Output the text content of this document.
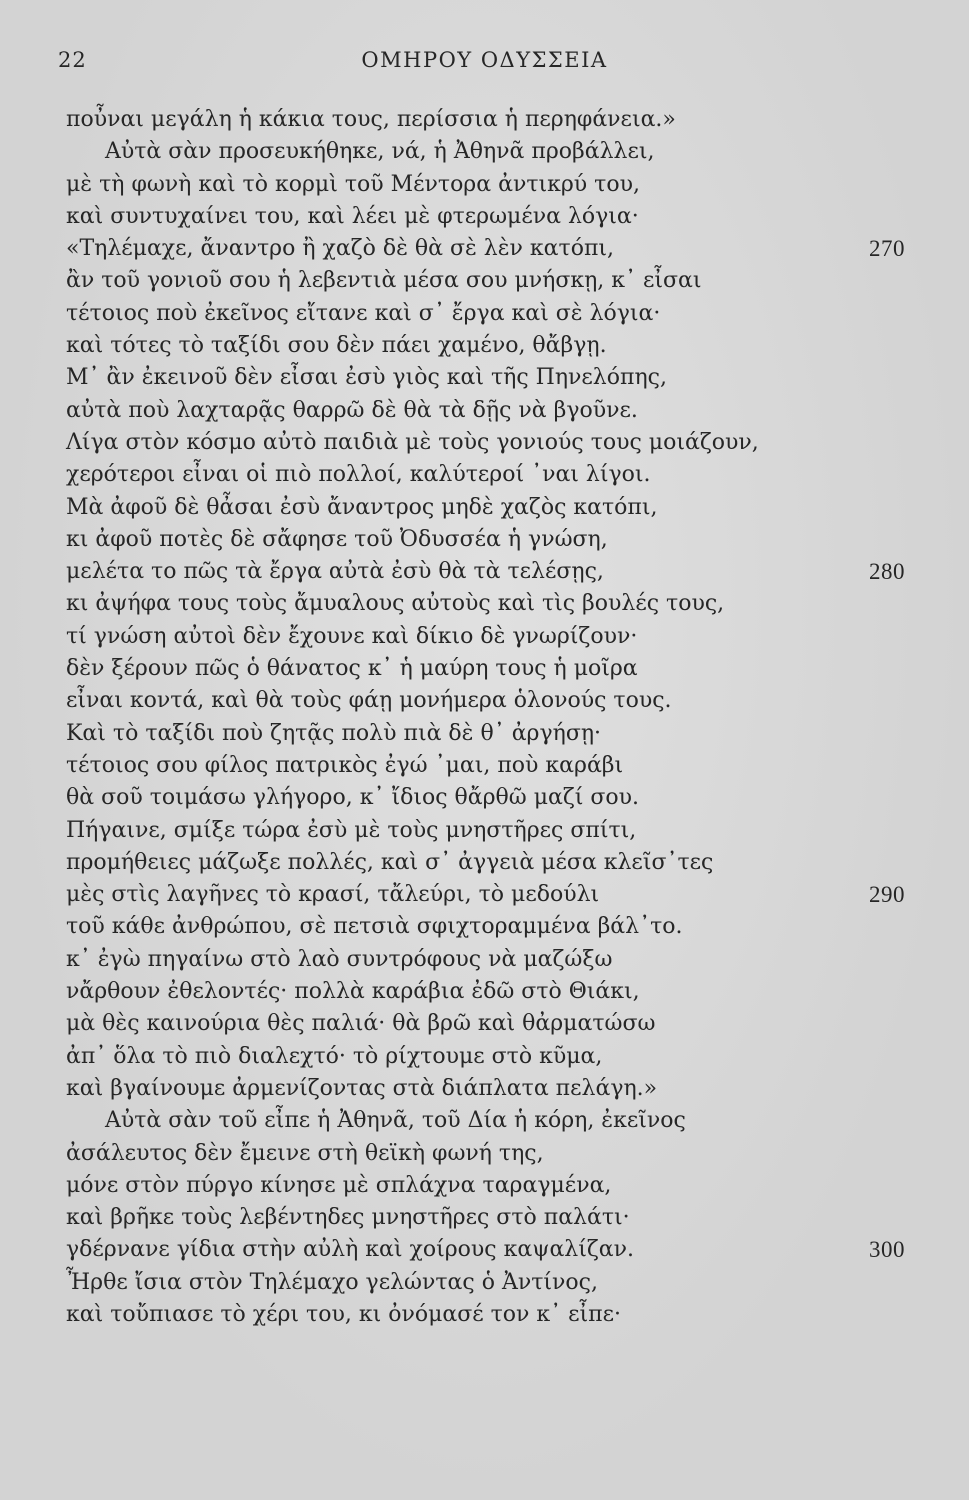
22	ΟΜΗΡΟΥ ΟΔΥΣΣΕΙΑ
ποὖναι μεγάλη ἡ κάκια τους, περίσσια ἡ περηφάνεια.»
Αὐτὰ σὰν προσευκήθηκε, νά, ἡ Ἀθηνᾶ προβάλλει,
μὲ τὴ φωνὴ καὶ τὸ κορμὶ τοῦ Μέντορα ἀντικρύ του,
καὶ συντυχαίνει του, καὶ λέει μὲ φτερωμένα λόγια·
«Τηλέμαχε, ἄναντρο ἢ χαζὸ δὲ θὰ σὲ λὲν κατόπι,	270
ἂν τοῦ γονιοῦ σου ἡ λεβεντιὰ μέσα σου μνήσκῃ, κ᾽ εἶσαι
τέτοιος ποὺ ἐκεῖνος εἴτανε καὶ σ᾽ ἔργα καὶ σὲ λόγια·
καὶ τότες τὸ ταξίδι σου δὲν πάει χαμένο, θἄβγῃ.
Μ᾽ ἂν ἐκεινοῦ δὲν εἶσαι ἐσὺ γιὸς καὶ τῆς Πηνελόπης,
αὐτὰ ποὺ λαχταρᾷς θαρρῶ δὲ θὰ τὰ δῇς νὰ βγοῦνε.
Λίγα στὸν κόσμο αὐτὸ παιδιὰ μὲ τοὺς γονιούς τους μοιάζουν,
χερότεροι εἶναι οἱ πιὸ πολλοί, καλύτεροί ᾽ναι λίγοι.
Μὰ ἀφοῦ δὲ θἆσαι ἐσὺ ἄναντρος μηδὲ χαζὸς κατόπι,
κι ἀφοῦ ποτὲς δὲ σἄφησε τοῦ Ὀδυσσέα ἡ γνώση,
μελέτα το πῶς τὰ ἔργα αὐτὰ ἐσὺ θὰ τὰ τελέσῃς,	280
κι ἀψήφα τους τοὺς ἄμυαλους αὐτοὺς καὶ τὶς βουλές τους,
τί γνώση αὐτοὶ δὲν ἔχουνε καὶ δίκιο δὲ γνωρίζουν·
δὲν ξέρουν πῶς ὁ θάνατος κ᾽ ἡ μαύρη τους ἡ μοῖρα
εἶναι κοντά, καὶ θὰ τοὺς φάῃ μονήμερα ὁλονούς τους.
Καὶ τὸ ταξίδι ποὺ ζητᾷς πολὺ πιὰ δὲ θ᾽ ἀργήσῃ·
τέτοιος σου φίλος πατρικὸς ἐγώ ᾽μαι, ποὺ καράβι
θὰ σοῦ τοιμάσω γλήγορο, κ᾽ ἴδιος θἄρθῶ μαζί σου.
Πήγαινε, σμίξε τώρα ἐσὺ μὲ τοὺς μνηστῆρες σπίτι,
προμήθειες μάζωξε πολλές, καὶ σ᾽ ἀγγειὰ μέσα κλεῖσ᾽τες
μὲς στὶς λαγῆνες τὸ κρασί, τἄλεύρι, τὸ μεδούλι	290
τοῦ κάθε ἀνθρώπου, σὲ πετσιὰ σφιχτοραμμένα βάλ᾽το.
κ᾽ ἐγὼ πηγαίνω στὸ λαὸ συντρόφους νὰ μαζώξω
νἄρθουν ἐθελοντές· πολλὰ καράβια ἐδῶ στὸ Θιάκι,
μὰ θὲς καινούρια θὲς παλιά· θὰ βρῶ καὶ θἀρματώσω
ἀπ᾽ ὅλα τὸ πιὸ διαλεχτό· τὸ ρίχτουμε στὸ κῦμα,
καὶ βγαίνουμε ἀρμενίζοντας στὰ διάπλατα πελάγη.»
Αὐτὰ σὰν τοῦ εἶπε ἡ Ἀθηνᾶ, τοῦ Δία ἡ κόρη, ἐκεῖνος
ἀσάλευτος δὲν ἔμεινε στὴ θεϊκὴ φωνή της,
μόνε στὸν πύργο κίνησε μὲ σπλάχνα ταραγμένα,
καὶ βρῆκε τοὺς λεβέντηδες μνηστῆρες στὸ παλάτι·
γδέρνανε γίδια στὴν αὐλὴ καὶ χοίρους καψαλίζαν.	300
Ἦρθε ἴσια στὸν Τηλέμαχο γελώντας ὁ Ἀντίνος,
καὶ τοὔπιασε τὸ χέρι του, κι ὀνόμασέ τον κ᾽ εἶπε·
